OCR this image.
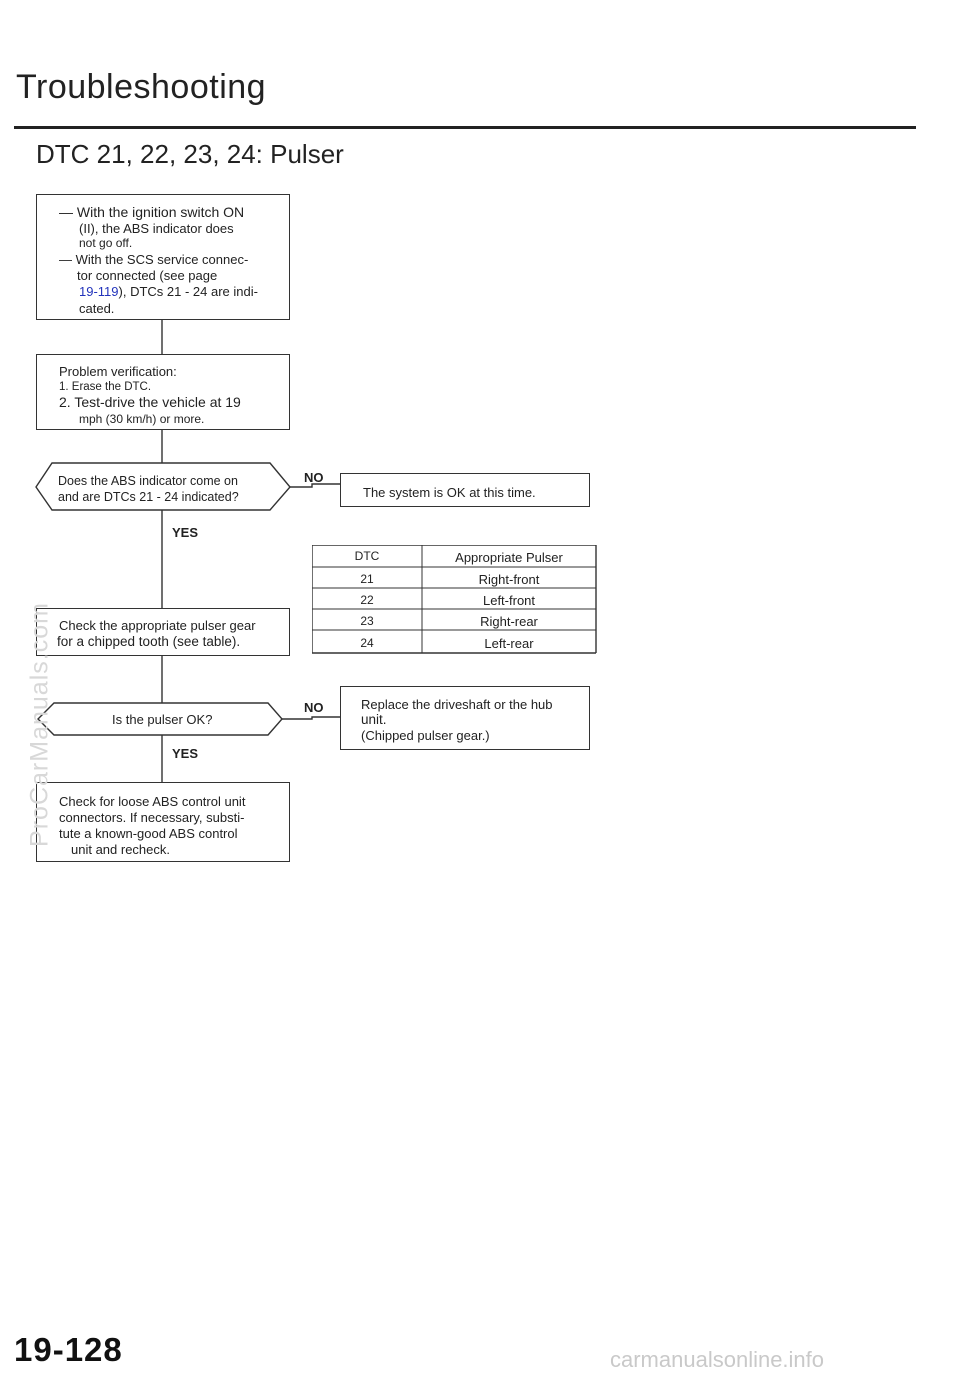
Troubleshooting
DTC 21, 22, 23, 24: Pulser
— With the ignition switch ON
(II), the ABS indicator does
not go off.
— With the SCS service connec-
tor connected (see page
19-119), DTCs 21 - 24 are indi-
cated.
Problem verification:
1. Erase the DTC.
2. Test-drive the vehicle at 19
mph (30 km/h) or more.
Does the ABS indicator come on
and are DTCs 21 - 24 indicated?
NO
YES
The system is OK at this time.
DTC	Appropriate Pulser
21	Right-front
22	Left-front
23	Right-rear
24	Left-rear
Check the appropriate pulser gear
for a chipped tooth (see table).
Is the pulser OK?
NO
YES
Replace the driveshaft or the hub
unit.
(Chipped pulser gear.)
Check for loose ABS control unit
connectors. If necessary, substi-
tute a known-good ABS control
unit and recheck.
ProCarManuals.com
19-128	carmanualsonline.info
